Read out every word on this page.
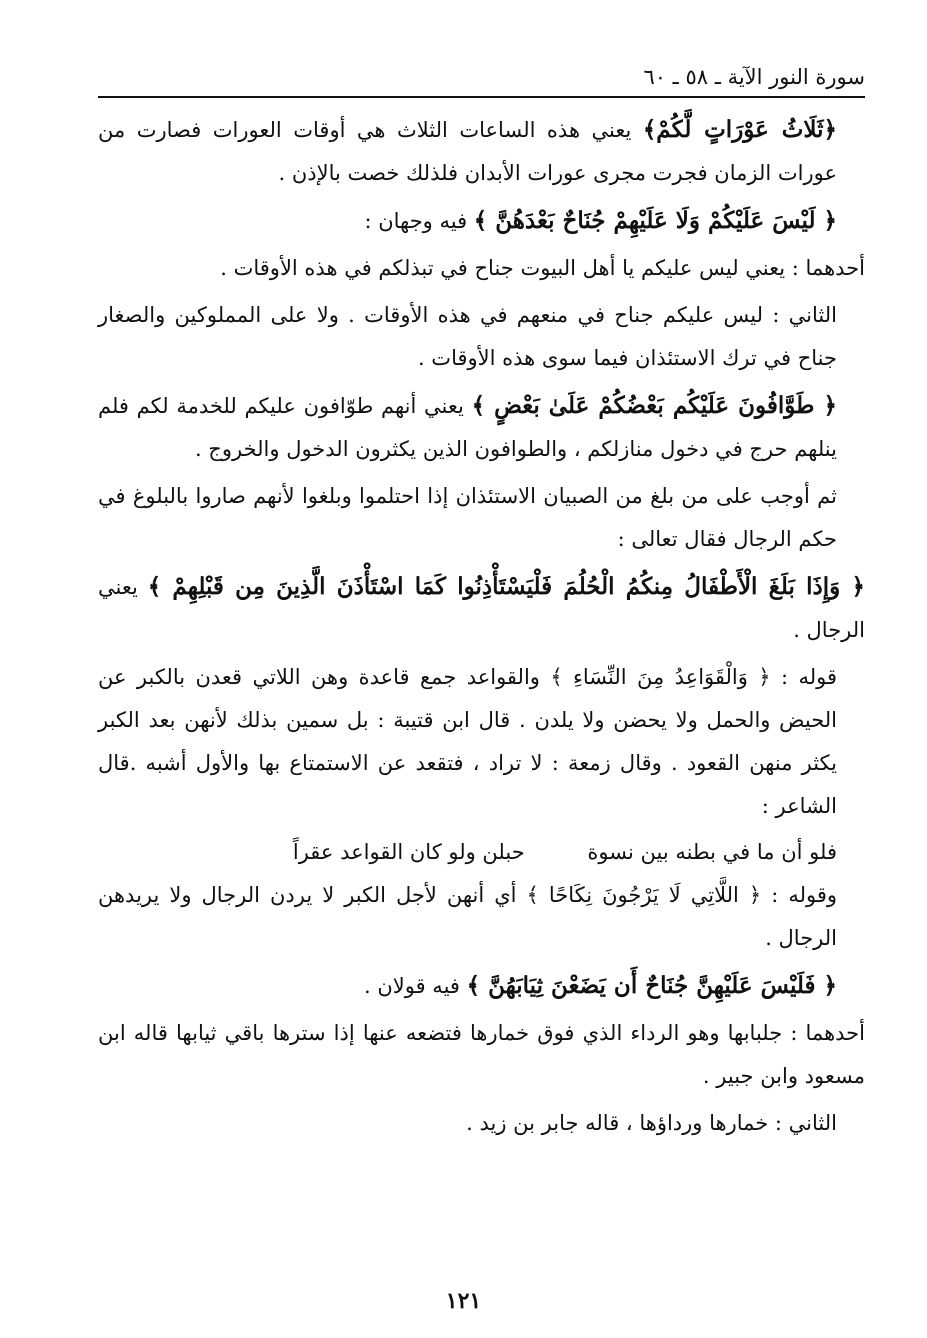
سورة النور الآية ـ ٥٨ ـ ٦٠

﴿ثَلَاثُ عَوْرَاتٍ لَّكُمْ﴾ يعني هذه الساعات الثلاث هي أوقات العورات فصارت من عورات الزمان فجرت مجرى عورات الأبدان فلذلك خصت بالإذن .

﴿ لَيْسَ عَلَيْكُمْ وَلَا عَلَيْهِمْ جُنَاحٌ بَعْدَهُنَّ ﴾ فيه وجهان :

أحدهما : يعني ليس عليكم يا أهل البيوت جناح في تبذلكم في هذه الأوقات .

الثاني : ليس عليكم جناح في منعهم في هذه الأوقات . ولا على المملوكين والصغار جناح في ترك الاستئذان فيما سوى هذه الأوقات .

﴿ طَوَّافُونَ عَلَيْكُم بَعْضُكُمْ عَلَىٰ بَعْضٍ ﴾ يعني أنهم طوّافون عليكم للخدمة لكم فلم ينلهم حرج في دخول منازلكم ، والطوافون الذين يكثرون الدخول والخروج .

ثم أوجب على من بلغ من الصبيان الاستئذان إذا احتلموا وبلغوا لأنهم صاروا بالبلوغ في حكم الرجال فقال تعالى :

﴿ وَإِذَا بَلَغَ الْأَطْفَالُ مِنكُمُ الْحُلُمَ فَلْيَسْتَأْذِنُوا كَمَا اسْتَأْذَنَ الَّذِينَ مِن قَبْلِهِمْ ﴾ يعني الرجال .

قوله : ﴿ وَالْقَوَاعِدُ مِنَ النِّسَاءِ ﴾ والقواعد جمع قاعدة وهن اللاتي قعدن بالكبر عن الحيض والحمل ولا يحضن ولا يلدن . قال ابن قتيبة : بل سمين بذلك لأنهن بعد الكبر يكثر منهن القعود . وقال زمعة : لا تراد ، فتقعد عن الاستمتاع بها والأول أشبه .قال الشاعر :

فلو أن ما في بطنه بين نسوة حبلن ولو كان القواعد عقراً

وقوله : ﴿ اللَّاتِي لَا يَرْجُونَ نِكَاحًا ﴾ أي أنهن لأجل الكبر لا يردن الرجال ولا يريدهن الرجال .

﴿ فَلَيْسَ عَلَيْهِنَّ جُنَاحٌ أَن يَضَعْنَ ثِيَابَهُنَّ ﴾ فيه قولان .

أحدهما : جلبابها وهو الرداء الذي فوق خمارها فتضعه عنها إذا سترها باقي ثيابها قاله ابن مسعود وابن جبير .

الثاني : خمارها ورداؤها ، قاله جابر بن زيد .

١٢١
